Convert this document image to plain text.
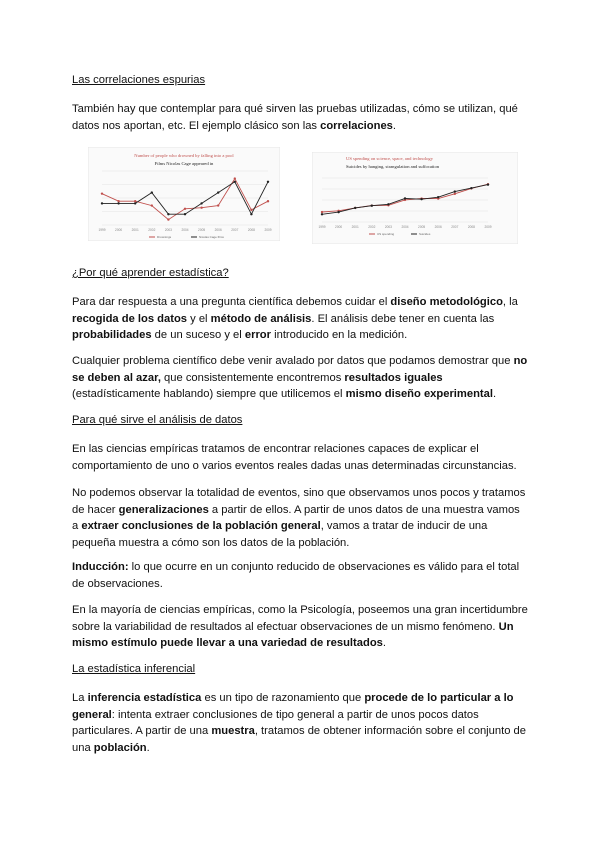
Las correlaciones espurias

También hay que contemplar para qué sirven las pruebas utilizadas, cómo se utilizan, qué datos nos aportan, etc. El ejemplo clásico son las correlaciones.

Number of people who drowned by falling into a pool
Films Nicolas Cage appeared in
1999	2000	2001	2002	2003	2004	2005	2006	2007	2008	2009
Drownings	Nicolas Cage films
US spending on science, space, and technology
Suicides by hanging, strangulation and suffocation
1999	2000	2001	2002	2003	2004	2005	2006	2007	2008	2009
US spending	Suicides

¿Por qué aprender estadística?

Para dar respuesta a una pregunta científica debemos cuidar el diseño metodológico, la recogida de los datos y el método de análisis. El análisis debe tener en cuenta las probabilidades de un suceso y el error introducido en la medición.

Cualquier problema científico debe venir avalado por datos que podamos demostrar que no se deben al azar, que consistentemente encontremos resultados iguales (estadísticamente hablando) siempre que utilicemos el mismo diseño experimental.

Para qué sirve el análisis de datos

En las ciencias empíricas tratamos de encontrar relaciones capaces de explicar el comportamiento de uno o varios eventos reales dadas unas determinadas circunstancias.

No podemos observar la totalidad de eventos, sino que observamos unos pocos y tratamos de hacer generalizaciones a partir de ellos. A partir de unos datos de una muestra vamos a extraer conclusiones de la población general, vamos a tratar de inducir de una pequeña muestra a cómo son los datos de la población.

Inducción: lo que ocurre en un conjunto reducido de observaciones es válido para el total de observaciones.

En la mayoría de ciencias empíricas, como la Psicología, poseemos una gran incertidumbre sobre la variabilidad de resultados al efectuar observaciones de un mismo fenómeno. Un mismo estímulo puede llevar a una variedad de resultados.

La estadística inferencial

La inferencia estadística es un tipo de razonamiento que procede de lo particular a lo general: intenta extraer conclusiones de tipo general a partir de unos pocos datos particulares. A partir de una muestra, tratamos de obtener información sobre el conjunto de una población.
